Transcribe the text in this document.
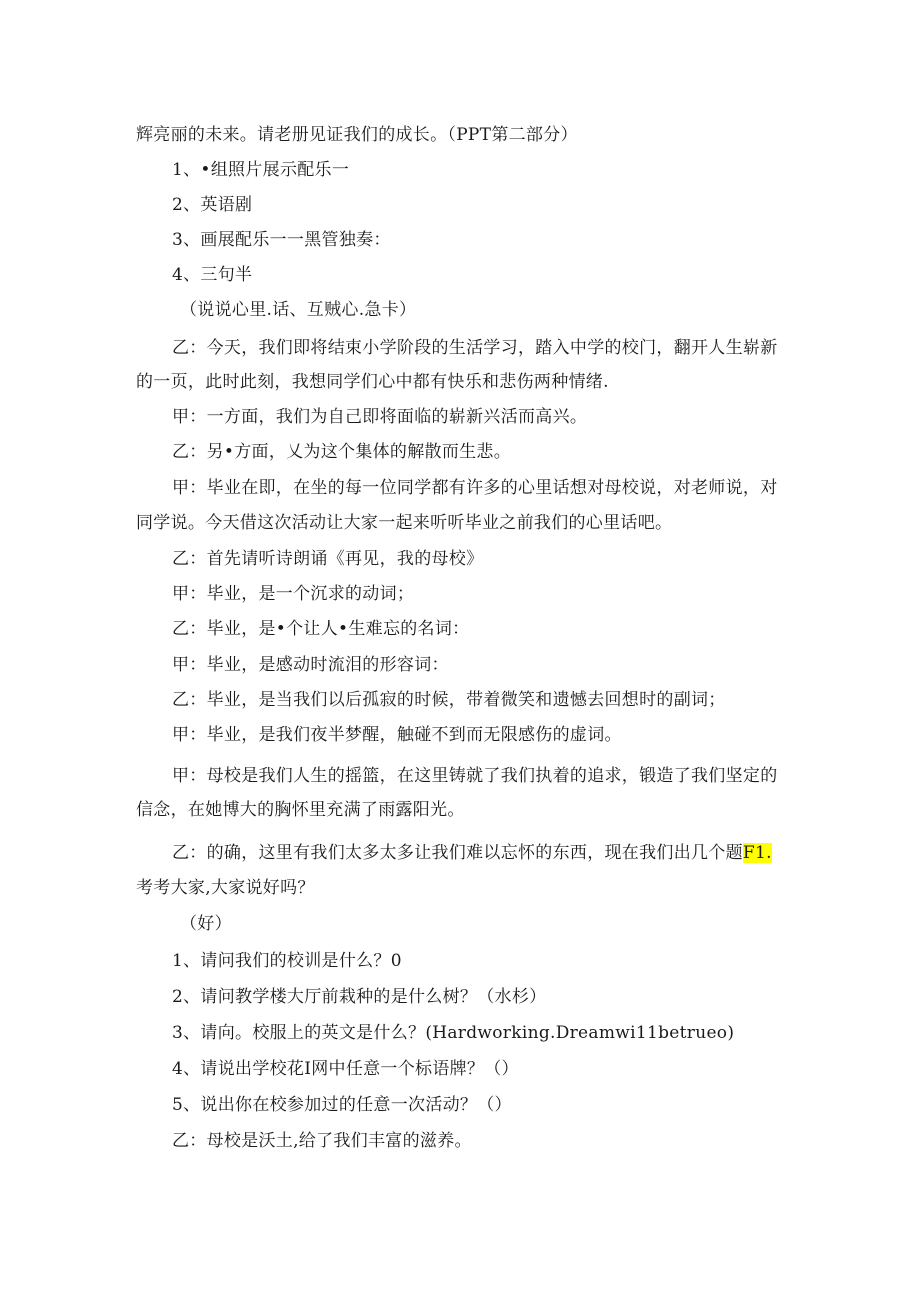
辉亮丽的未来。请老册见证我们的成长。（PPT第二部分）
1、•组照片展示配乐一
2、英语剧
3、画展配乐一一黑管独奏：
4、三句半
（说说心里.话、互贼心.急卡）
乙：今天，我们即将结束小学阶段的生活学习，踏入中学的校门，翻开人生崭新
的一页，此时此刻，我想同学们心中都有快乐和悲伤两种情绪.
甲：一方面，我们为自己即将面临的崭新兴活而高兴。
乙：另•方面，乂为这个集体的解散而生悲。
甲：毕业在即，在坐的每一位同学都有许多的心里话想对母校说，对老师说，对
同学说。今天借这次活动让大家一起来听听毕业之前我们的心里话吧。
乙：首先请听诗朗诵《再见，我的母校》
甲：毕业，是一个沉求的动词；
乙：毕业，是•个让人•生难忘的名词：
甲：毕业，是感动时流泪的形容词：
乙：毕业，是当我们以后孤寂的时候，带着微笑和遗憾去回想时的副词；
甲：毕业，是我们夜半梦醒，触碰不到而无限感伤的虚词。
甲：母校是我们人生的摇篮，在这里铸就了我们执着的追求，锻造了我们坚定的
信念，在她博大的胸怀里充满了雨露阳光。
乙：的确，这里有我们太多太多让我们难以忘怀的东西，现在我们出几个题F1.
考考大家,大家说好吗？
（好）
1、请问我们的校训是什么？0
2、请问教学楼大厅前栽种的是什么树？（水杉）
3、请向。校服上的英文是什么？(Hardworking.Dreamwi11betrueo)
4、请说出学校花I网中任意一个标语牌？（）
5、说出你在校参加过的任意一次活动？（）
乙：母校是沃土,给了我们丰富的滋养。
